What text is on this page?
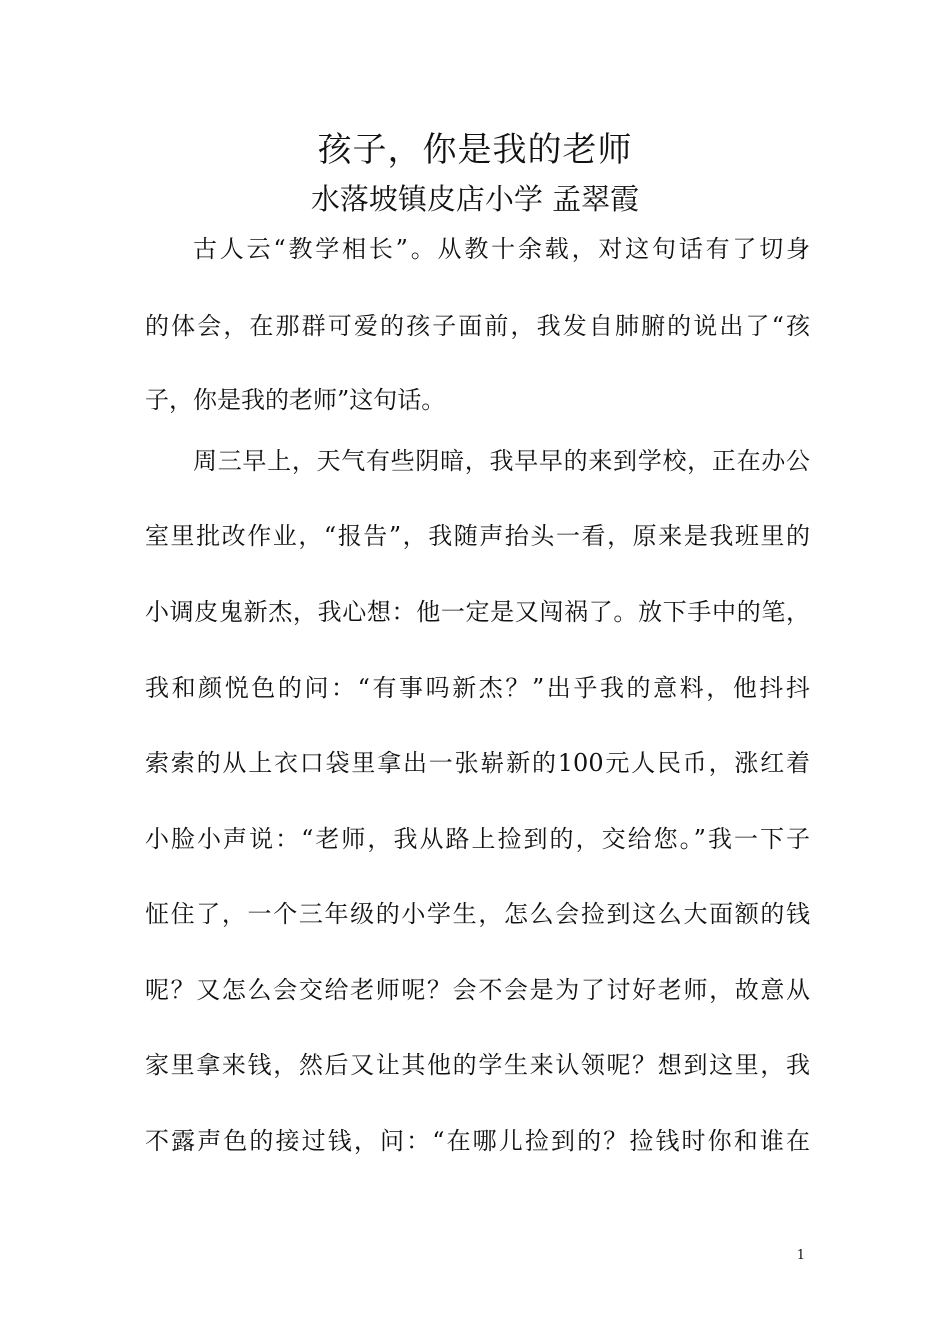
孩子，你是我的老师
水落坡镇皮店小学 孟翠霞
古人云“教学相长”。从教十余载，对这句话有了切身
的体会，在那群可爱的孩子面前，我发自肺腑的说出了“孩
子，你是我的老师”这句话。
周三早上，天气有些阴暗，我早早的来到学校，正在办公
室里批改作业，“报告”，我随声抬头一看，原来是我班里的
小调皮鬼新杰，我心想：他一定是又闯祸了。放下手中的笔，
我和颜悦色的问：“有事吗新杰？”出乎我的意料，他抖抖
索索的从上衣口袋里拿出一张崭新的100元人民币，涨红着
小脸小声说：“老师，我从路上捡到的，交给您。”我一下子
怔住了，一个三年级的小学生，怎么会捡到这么大面额的钱
呢？又怎么会交给老师呢？会不会是为了讨好老师，故意从
家里拿来钱，然后又让其他的学生来认领呢？想到这里，我
不露声色的接过钱，问：“在哪儿捡到的？捡钱时你和谁在
1
